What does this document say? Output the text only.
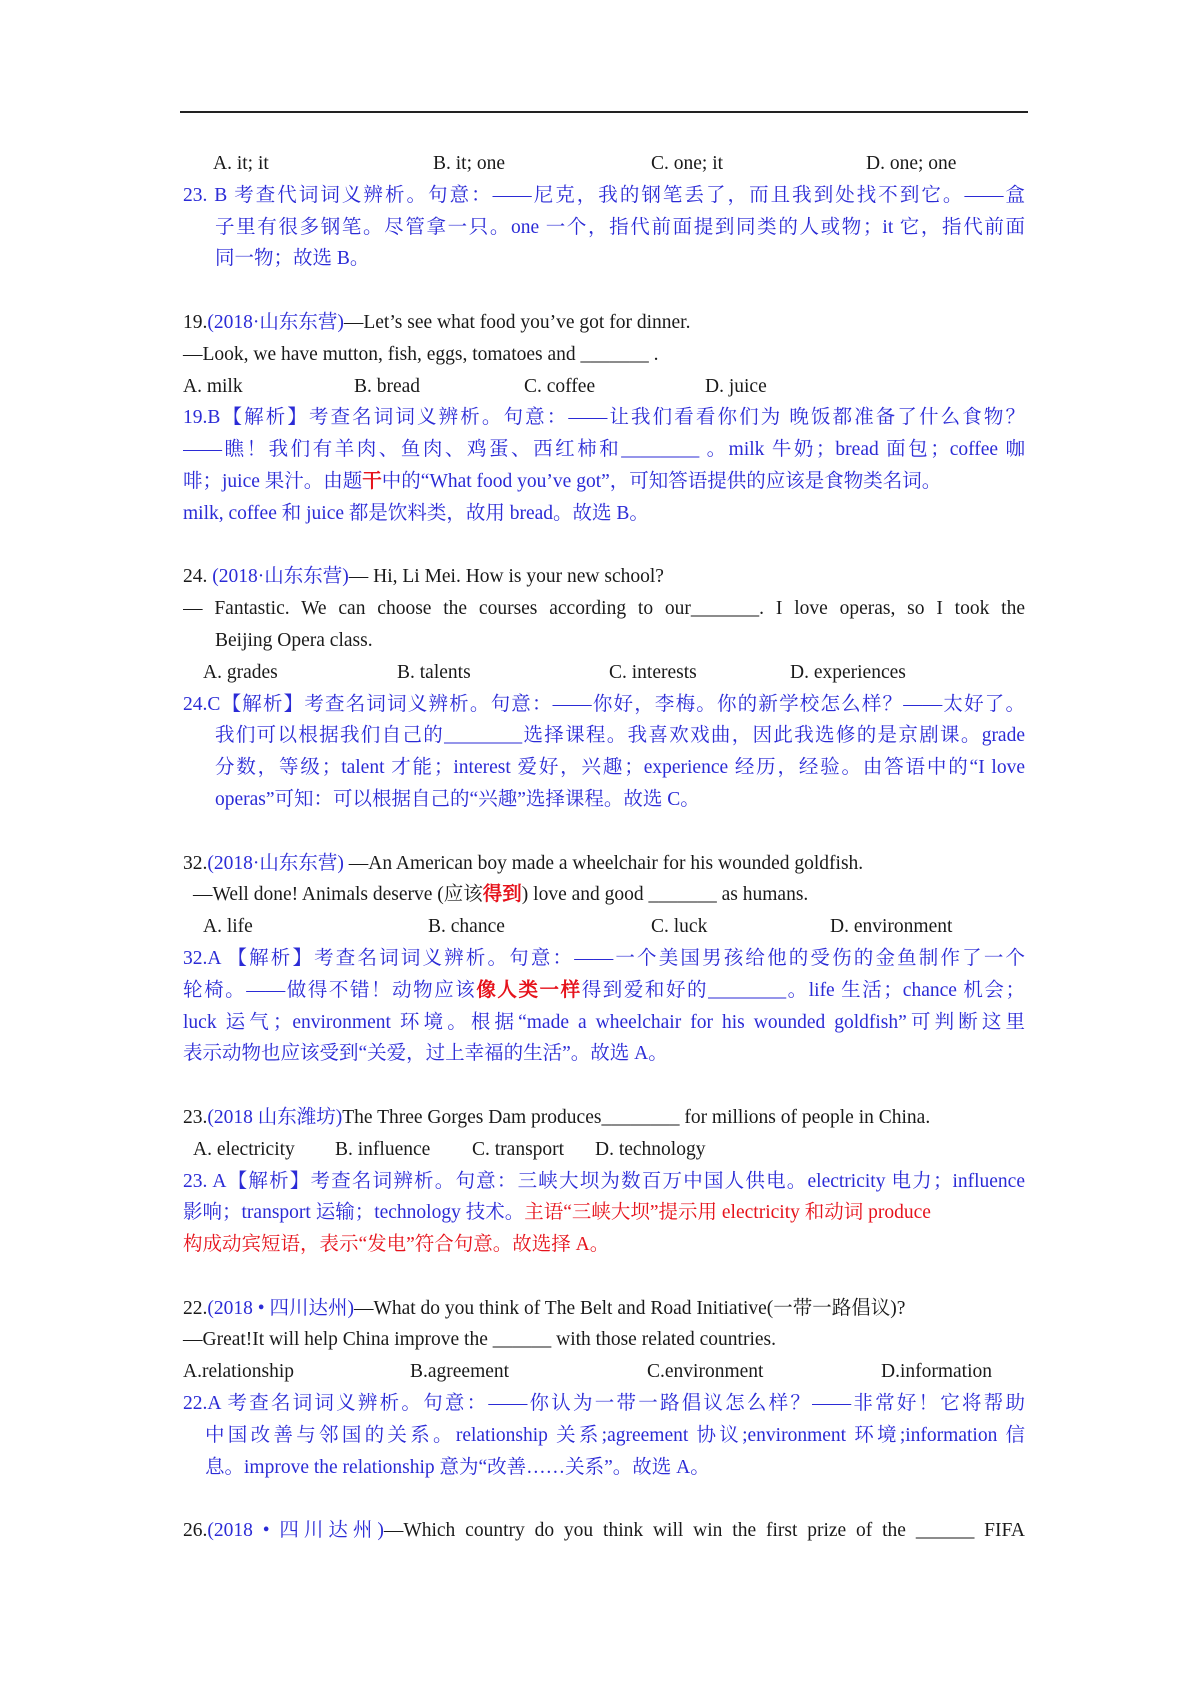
A. it; it	B. it; one	C. one; it	D. one; one
23. B 考查代词词义辨析。句意：——尼克，我的钢笔丢了，而且我到处找不到它。——盒
子里有很多钢笔。尽管拿一只。one 一个，指代前面提到同类的人或物；it 它，指代前面
同一物；故选 B。
19.(2018·山东东营)—Let’s see what food you’ve got for dinner.
—Look, we have mutton, fish, eggs, tomatoes and _______ .
A. milk	B. bread	C. coffee	D. juice
19.B【解析】考查名词词义辨析。句意：——让我们看看你们为 晚饭都准备了什么食物？
——瞧！我们有羊肉、鱼肉、鸡蛋、西红柿和________ 。milk 牛奶；bread 面包；coffee 咖
啡；juice 果汁。由题干中的“What food you’ve got”，可知答语提供的应该是食物类名词。
milk, coffee 和 juice 都是饮料类，故用 bread。故选 B。
24. (2018·山东东营)— Hi, Li Mei. How is your new school?
— Fantastic. We can choose the courses according to our_______. I love operas, so I took the
Beijing Opera class.
A. grades	B. talents	C. interests	D. experiences
24.C【解析】考查名词词义辨析。句意：——你好，李梅。你的新学校怎么样？——太好了。
我们可以根据我们自己的________选择课程。我喜欢戏曲，因此我选修的是京剧课。grade
分数，等级；talent 才能；interest 爱好，兴趣；experience 经历，经验。由答语中的“I love
operas”可知：可以根据自己的“兴趣”选择课程。故选 C。
32.(2018·山东东营) —An American boy made a wheelchair for his wounded goldfish.
—Well done! Animals deserve (应该得到) love and good _______ as humans.
A. life	B. chance	C. luck	D. environment
32.A 【解析】考查名词词义辨析。句意：——一个美国男孩给他的受伤的金鱼制作了一个
轮椅。——做得不错！动物应该像人类一样得到爱和好的________。life 生活；chance 机会；
luck 运气；environment 环境。根据“made a wheelchair for his wounded goldfish”可判断这里
表示动物也应该受到“关爱，过上幸福的生活”。故选 A。
23.(2018 山东潍坊)The Three Gorges Dam produces________ for millions of people in China.
A. electricity B. influence C. transport D. technology
23. A【解析】考查名词辨析。句意：三峡大坝为数百万中国人供电。electricity 电力；influence
影响；transport 运输；technology 技术。主语“三峡大坝”提示用 electricity 和动词 produce
构成动宾短语，表示“发电”符合句意。故选择 A。
22.(2018 • 四川达州)—What do you think of The Belt and Road Initiative(一带一路倡议)?
—Great!It will help China improve the ______ with those related countries.
A.relationship	B.agreement	C.environment	D.information
22.A 考查名词词义辨析。句意：——你认为一带一路倡议怎么样？——非常好！它将帮助
中国改善与邻国的关系。relationship 关系;agreement 协议;environment 环境;information 信
息。improve the relationship 意为“改善……关系”。故选 A。
26.(2018 • 四川达州)—Which country do you think will win the first prize of the ______ FIFA
